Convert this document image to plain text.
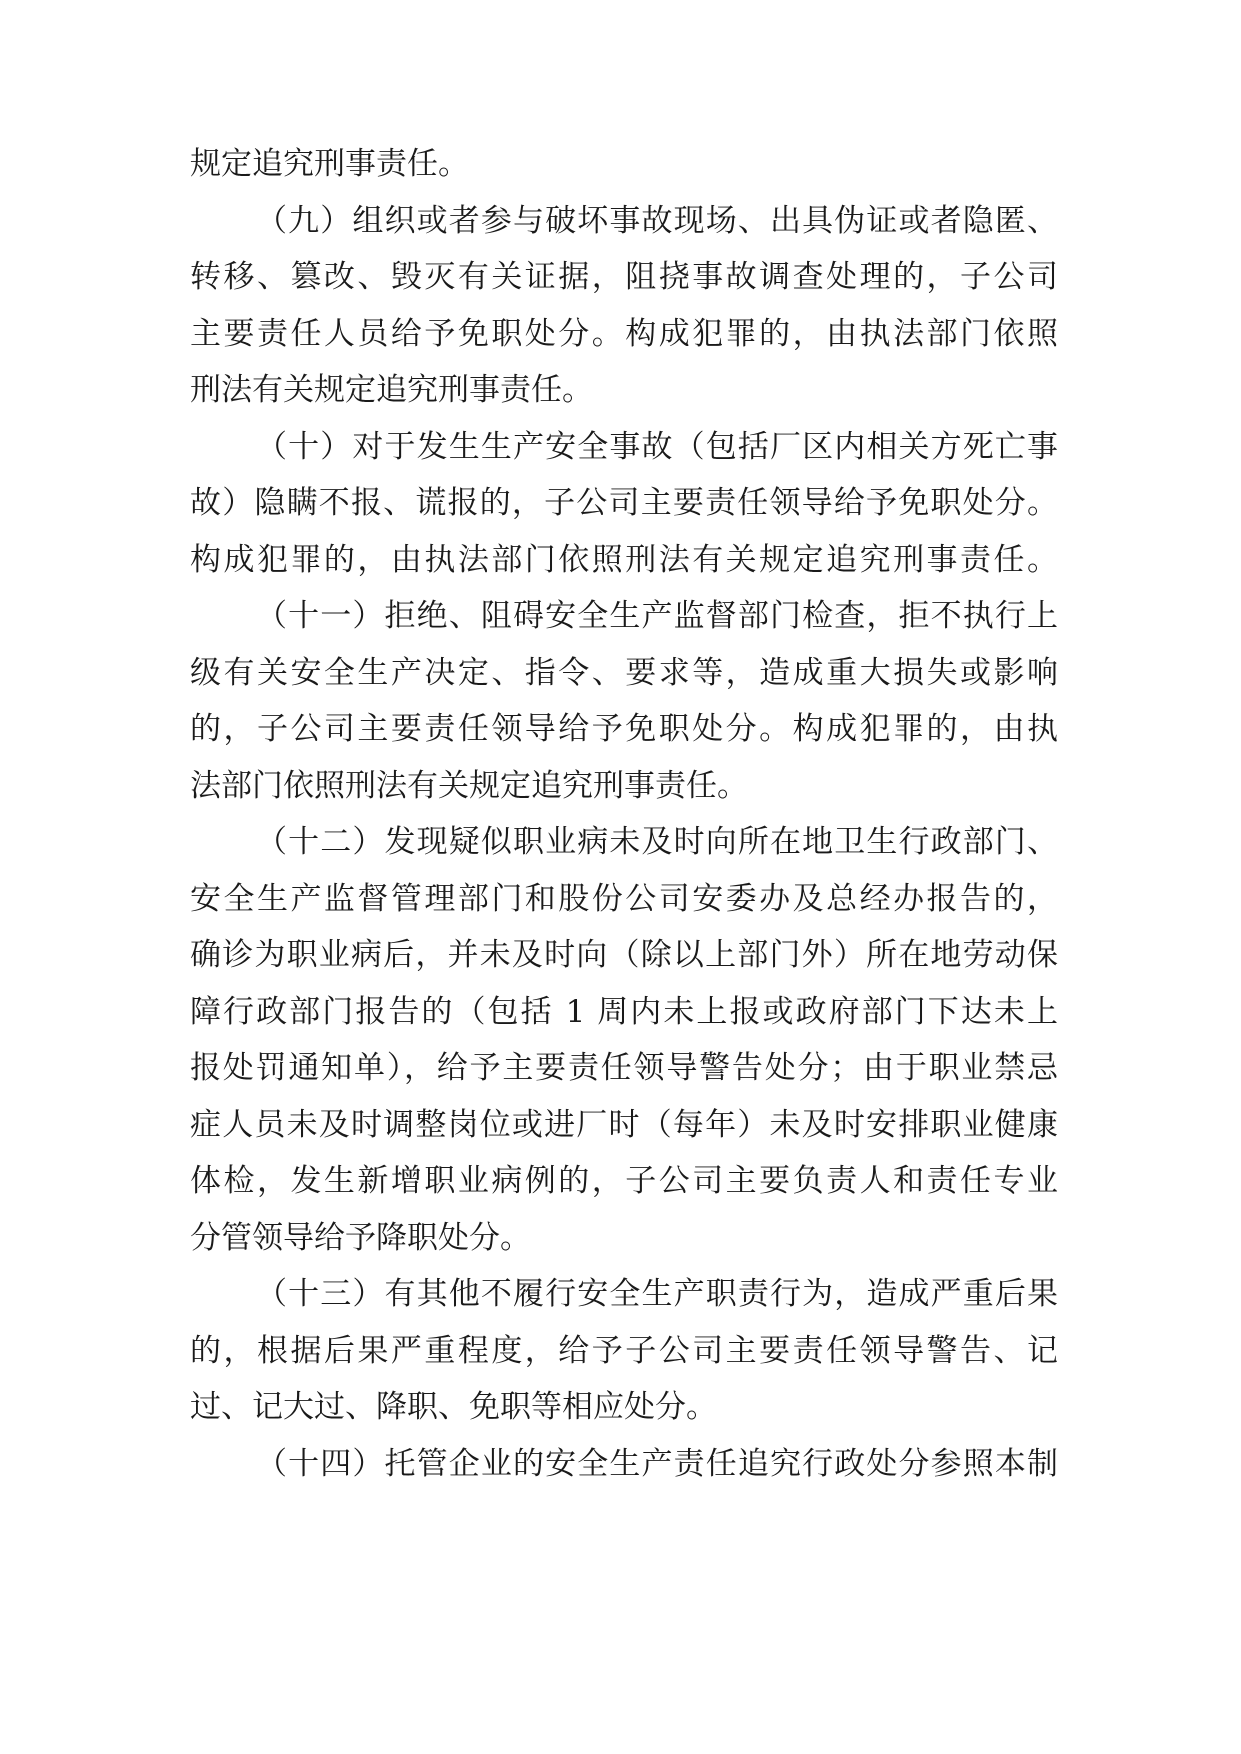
规定追究刑事责任。
（九）组织或者参与破坏事故现场、出具伪证或者隐匿、
转移、篡改、毁灭有关证据，阻挠事故调查处理的，子公司
主要责任人员给予免职处分。构成犯罪的，由执法部门依照
刑法有关规定追究刑事责任。
（十）对于发生生产安全事故（包括厂区内相关方死亡事
故）隐瞒不报、谎报的，子公司主要责任领导给予免职处分。
构成犯罪的，由执法部门依照刑法有关规定追究刑事责任。
（十一）拒绝、阻碍安全生产监督部门检查，拒不执行上
级有关安全生产决定、指令、要求等，造成重大损失或影响
的，子公司主要责任领导给予免职处分。构成犯罪的，由执
法部门依照刑法有关规定追究刑事责任。
（十二）发现疑似职业病未及时向所在地卫生行政部门、
安全生产监督管理部门和股份公司安委办及总经办报告的，
确诊为职业病后，并未及时向（除以上部门外）所在地劳动保
障行政部门报告的（包括 1 周内未上报或政府部门下达未上
报处罚通知单），给予主要责任领导警告处分；由于职业禁忌
症人员未及时调整岗位或进厂时（每年）未及时安排职业健康
体检，发生新增职业病例的，子公司主要负责人和责任专业
分管领导给予降职处分。
（十三）有其他不履行安全生产职责行为，造成严重后果
的，根据后果严重程度，给予子公司主要责任领导警告、记
过、记大过、降职、免职等相应处分。
（十四）托管企业的安全生产责任追究行政处分参照本制
